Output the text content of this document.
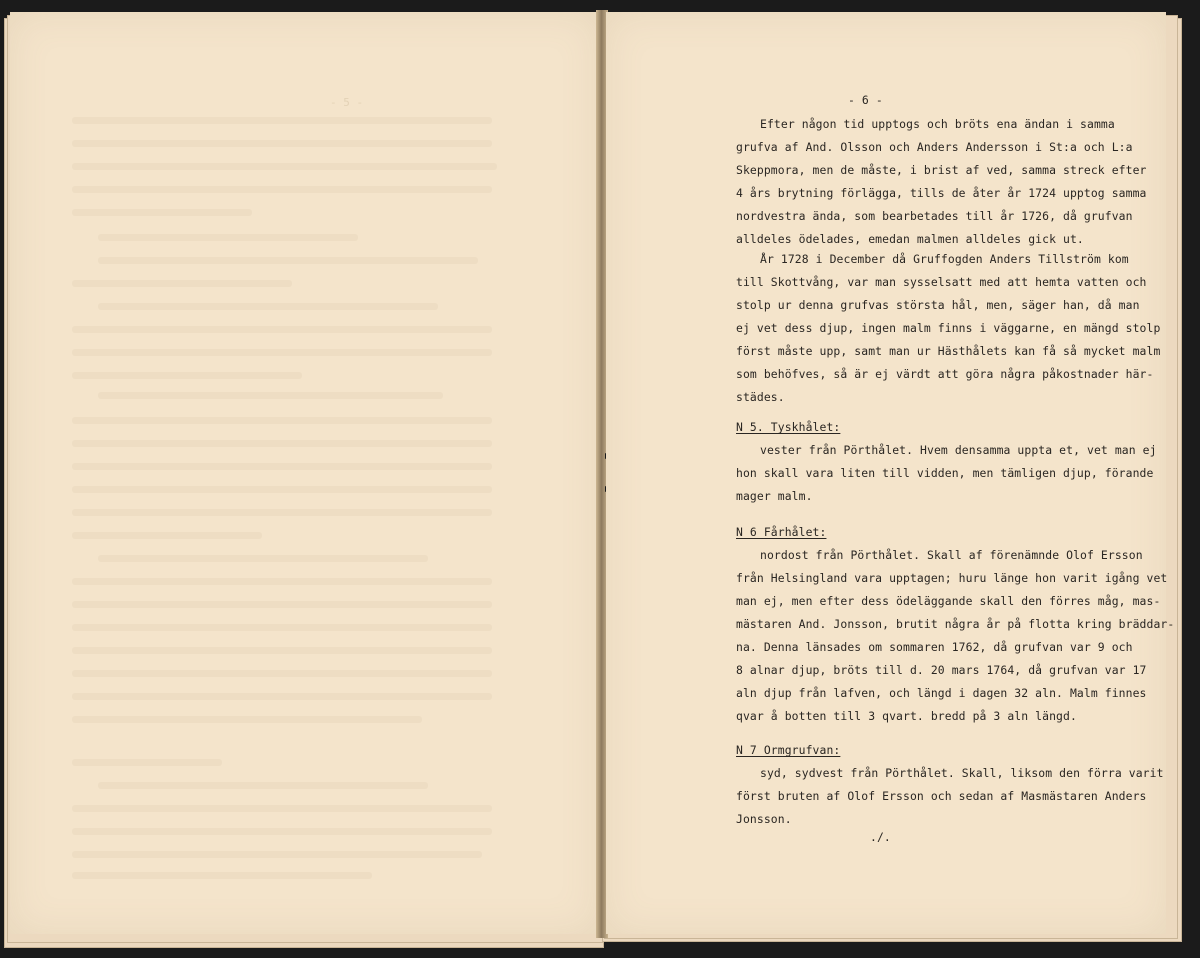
- 5 -	- 6 -
Efter någon tid upptogs och bröts ena ändan i samma
grufva af And. Olsson och Anders Andersson i St:a och L:a
Skeppmora, men de måste, i brist af ved, samma streck efter
4 års brytning förlägga, tills de åter år 1724 upptog samma
nordvestra ända, som bearbetades till år 1726, då grufvan
alldeles ödelades, emedan malmen alldeles gick ut.
År 1728 i December då Gruffogden Anders Tillström kom
till Skottvång, var man sysselsatt med att hemta vatten och
stolp ur denna grufvas största hål, men, säger han, då man
ej vet dess djup, ingen malm finns i väggarne, en mängd stolp
först måste upp, samt man ur Hästhålets kan få så mycket malm
som behöfves, så är ej värdt att göra några påkostnader här-
städes.
N 5. Tyskhålet:
vester från Pörthålet. Hvem densamma uppta et, vet man ej
hon skall vara liten till vidden, men tämligen djup, förande
mager malm.
N 6 Fårhålet:
nordost från Pörthålet. Skall af förenämnde Olof Ersson
från Helsingland vara upptagen; huru länge hon varit igång vet
man ej, men efter dess ödeläggande skall den förres måg, mas-
mästaren And. Jonsson, brutit några år på flotta kring bräddar-
na. Denna länsades om sommaren 1762, då grufvan var 9 och
8 alnar djup, bröts till d. 20 mars 1764, då grufvan var 17
aln djup från lafven, och längd i dagen 32 aln. Malm finnes
qvar å botten till 3 qvart. bredd på 3 aln längd.
N 7 Ormgrufvan:
syd, sydvest från Pörthålet. Skall, liksom den förra varit
först bruten af Olof Ersson och sedan af Masmästaren Anders
Jonsson.
./.
